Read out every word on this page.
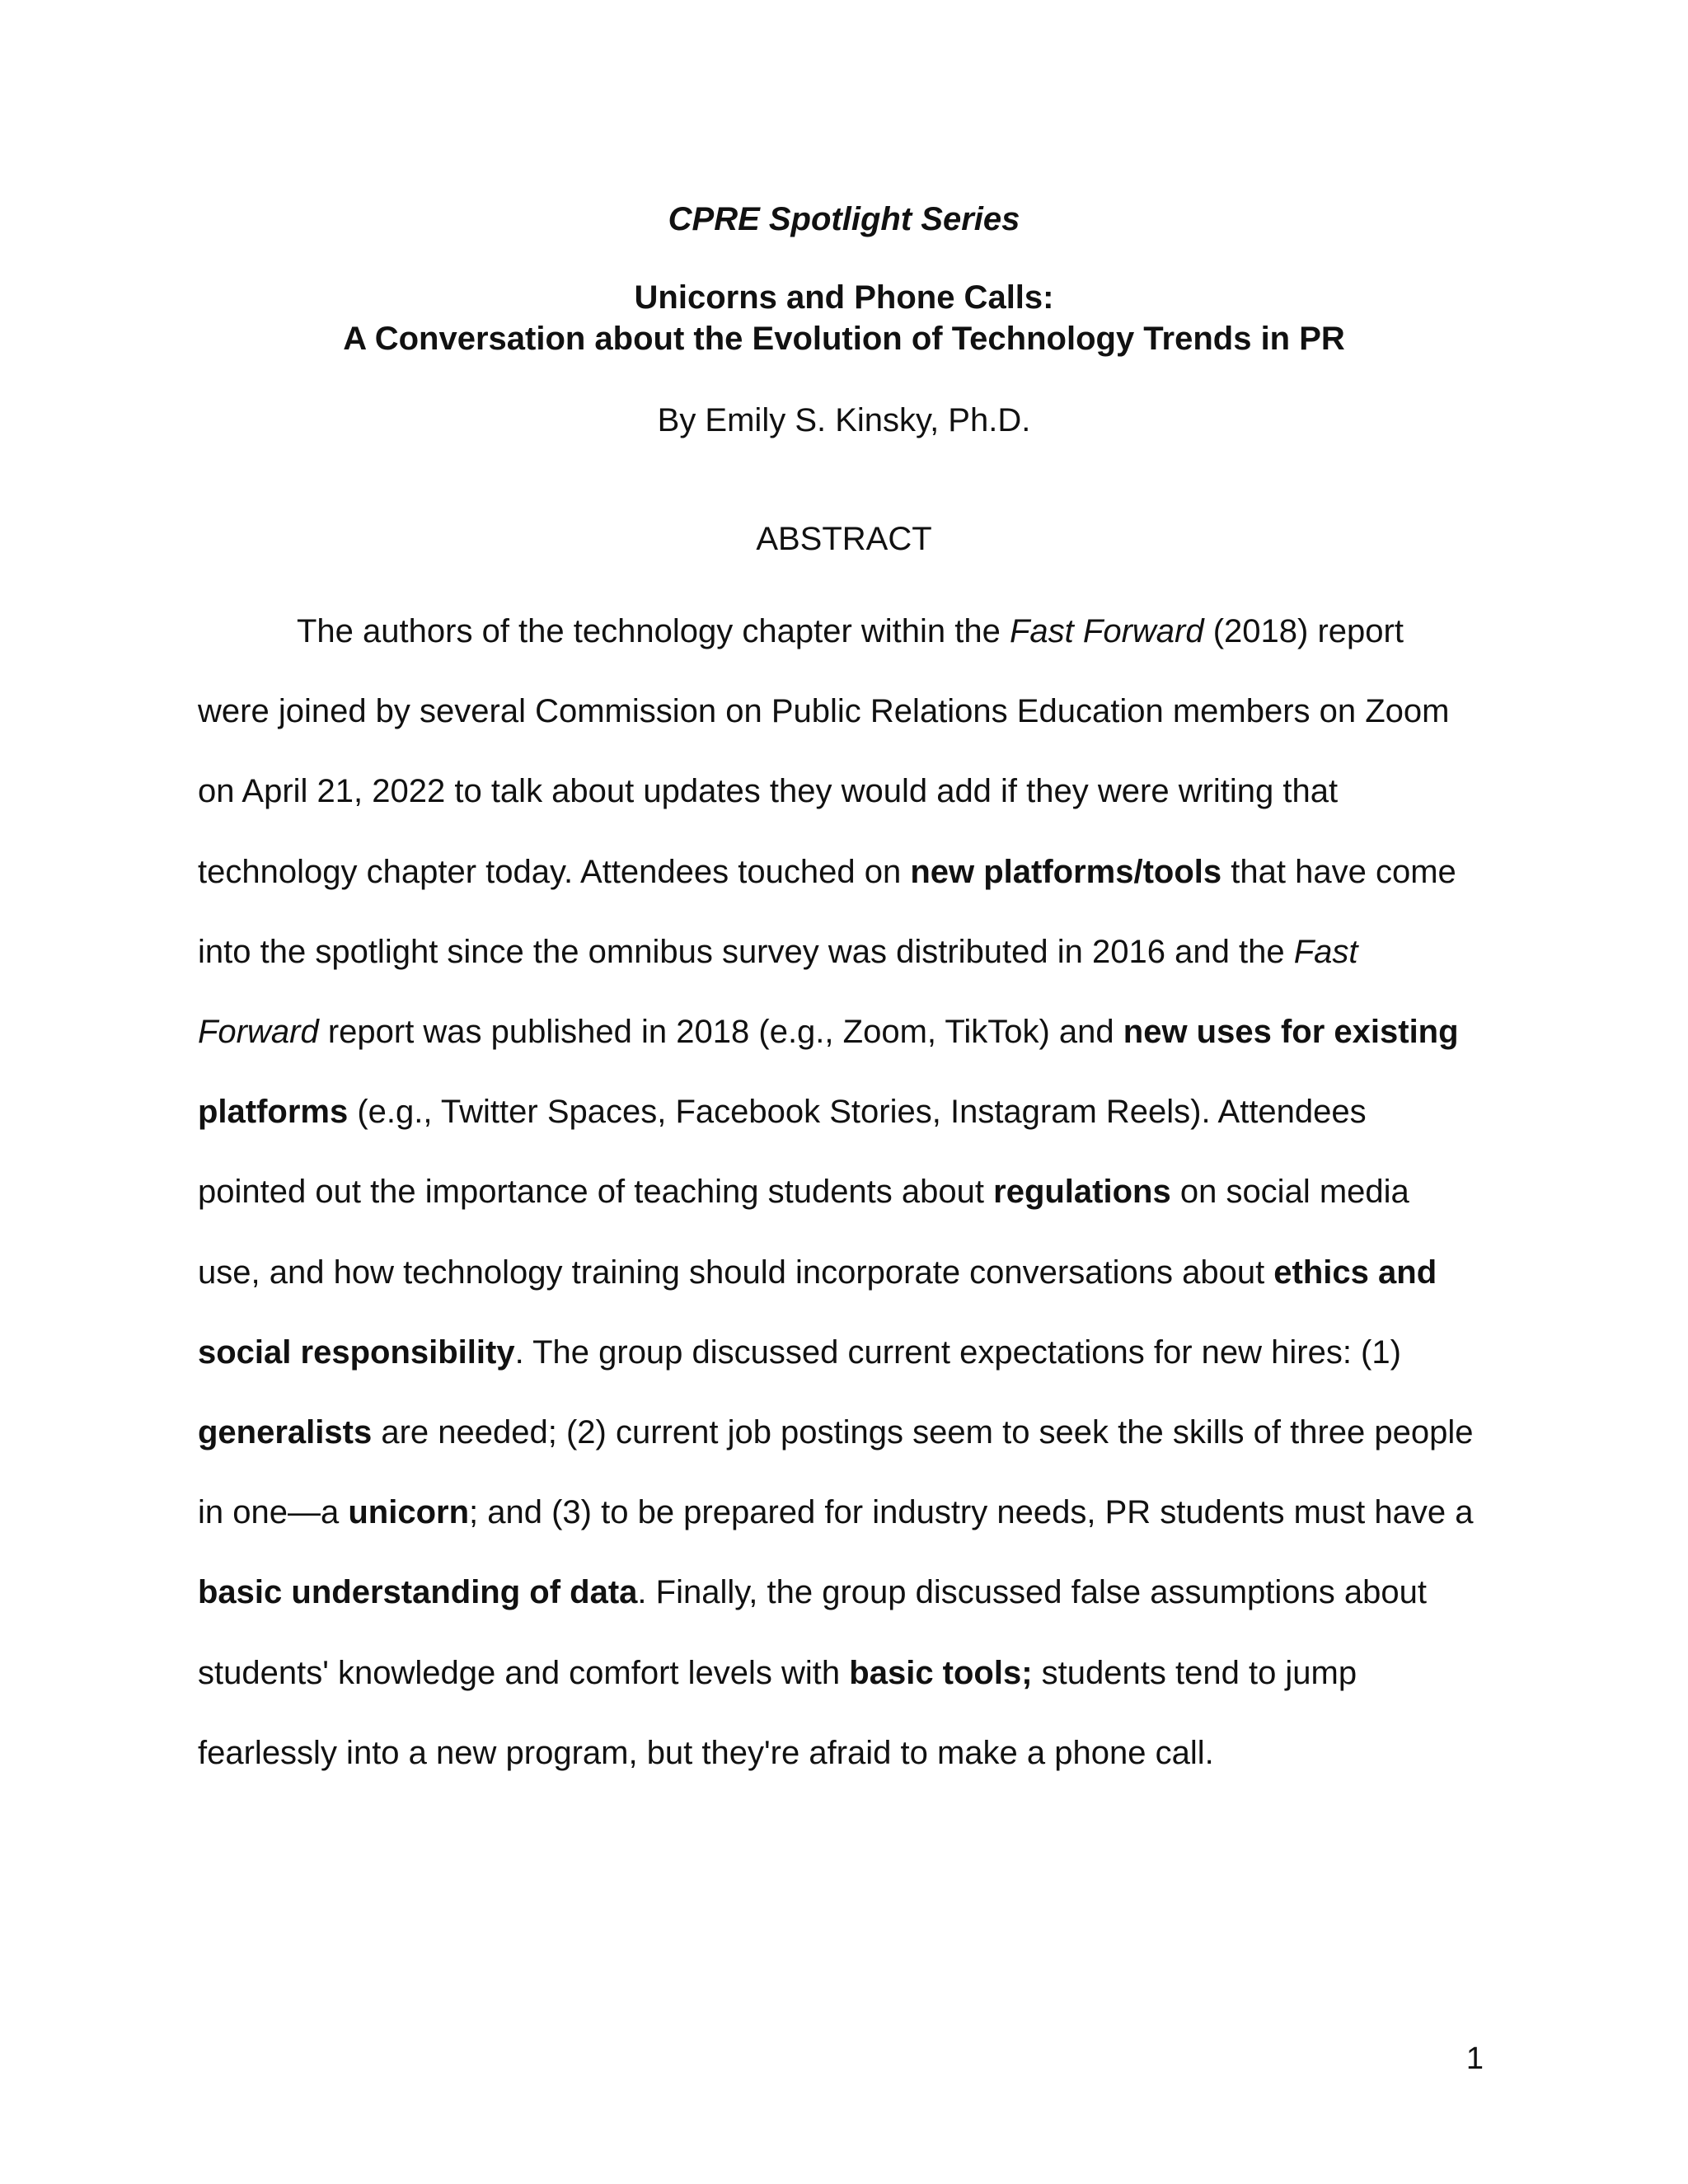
CPRE Spotlight Series
Unicorns and Phone Calls:
A Conversation about the Evolution of Technology Trends in PR
By Emily S. Kinsky, Ph.D.
ABSTRACT
The authors of the technology chapter within the Fast Forward (2018) report
were joined by several Commission on Public Relations Education members on Zoom
on April 21, 2022 to talk about updates they would add if they were writing that
technology chapter today. Attendees touched on new platforms/tools that have come
into the spotlight since the omnibus survey was distributed in 2016 and the Fast
Forward report was published in 2018 (e.g., Zoom, TikTok) and new uses for existing
platforms (e.g., Twitter Spaces, Facebook Stories, Instagram Reels). Attendees
pointed out the importance of teaching students about regulations on social media
use, and how technology training should incorporate conversations about ethics and
social responsibility. The group discussed current expectations for new hires: (1)
generalists are needed; (2) current job postings seem to seek the skills of three people
in one—a unicorn; and (3) to be prepared for industry needs, PR students must have a
basic understanding of data. Finally, the group discussed false assumptions about
students' knowledge and comfort levels with basic tools; students tend to jump
fearlessly into a new program, but they're afraid to make a phone call.
1
